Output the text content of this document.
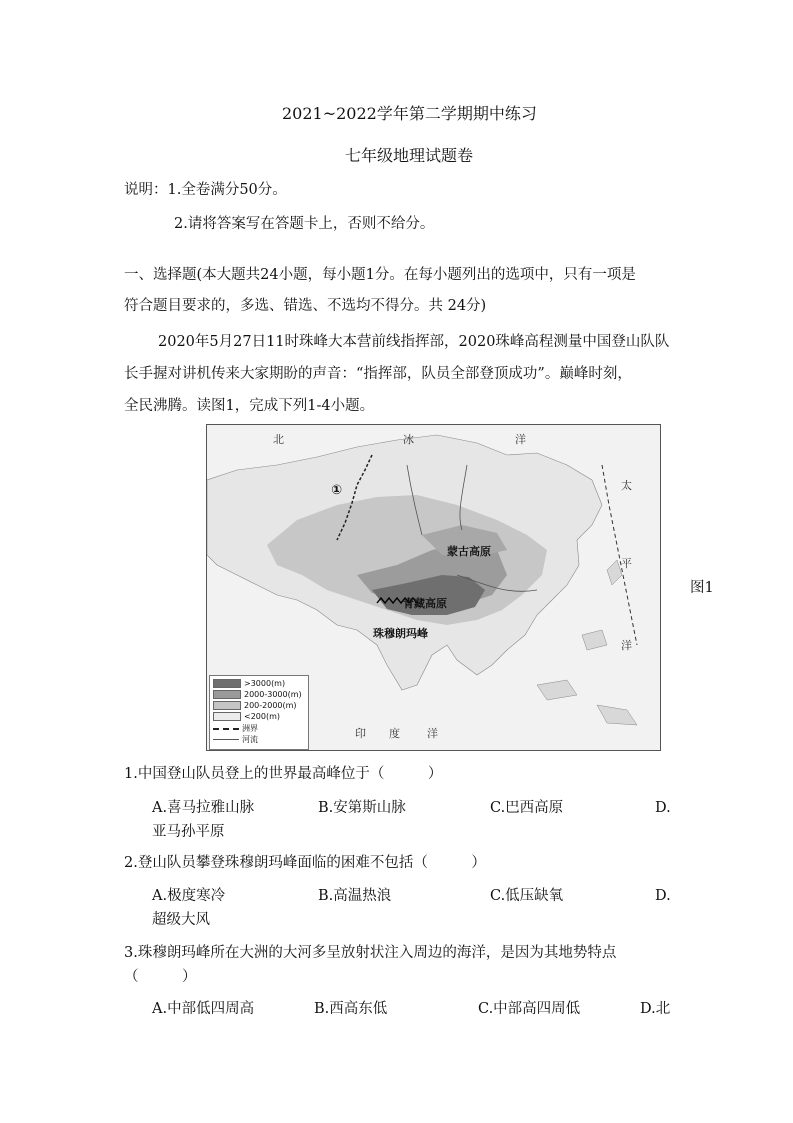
2021~2022学年第二学期期中练习
七年级地理试题卷
说明：1.全卷满分50分。
2.请将答案写在答题卡上，否则不给分。
一、选择题(本大题共24小题，每小题1分。在每小题列出的选项中，只有一项是
符合题目要求的，多选、错选、不选均不得分。共 24分)
2020年5月27日11时珠峰大本营前线指挥部，2020珠峰高程测量中国登山队队
长手握对讲机传来大家期盼的声音：“指挥部，队员全部登顶成功”。巅峰时刻，
全民沸腾。读图1，完成下列1-4小题。
北	冰	洋
太
平
洋
印 度 洋
①
蒙古高原
青藏高原
珠穆朗玛峰
>3000(m)
2000-3000(m)
200-2000(m)
<200(m)
洲界
河流
图1
1.中国登山队员登上的世界最高峰位于（　　　）
A.喜马拉雅山脉	B.安第斯山脉	C.巴西高原	D.
亚马孙平原
2.登山队员攀登珠穆朗玛峰面临的困难不包括（　　　）
A.极度寒冷	B.高温热浪	C.低压缺氧	D.
超级大风
3.珠穆朗玛峰所在大洲的大河多呈放射状注入周边的海洋，是因为其地势特点
（　　　）
A.中部低四周高	B.西高东低	C.中部高四周低	D.北
